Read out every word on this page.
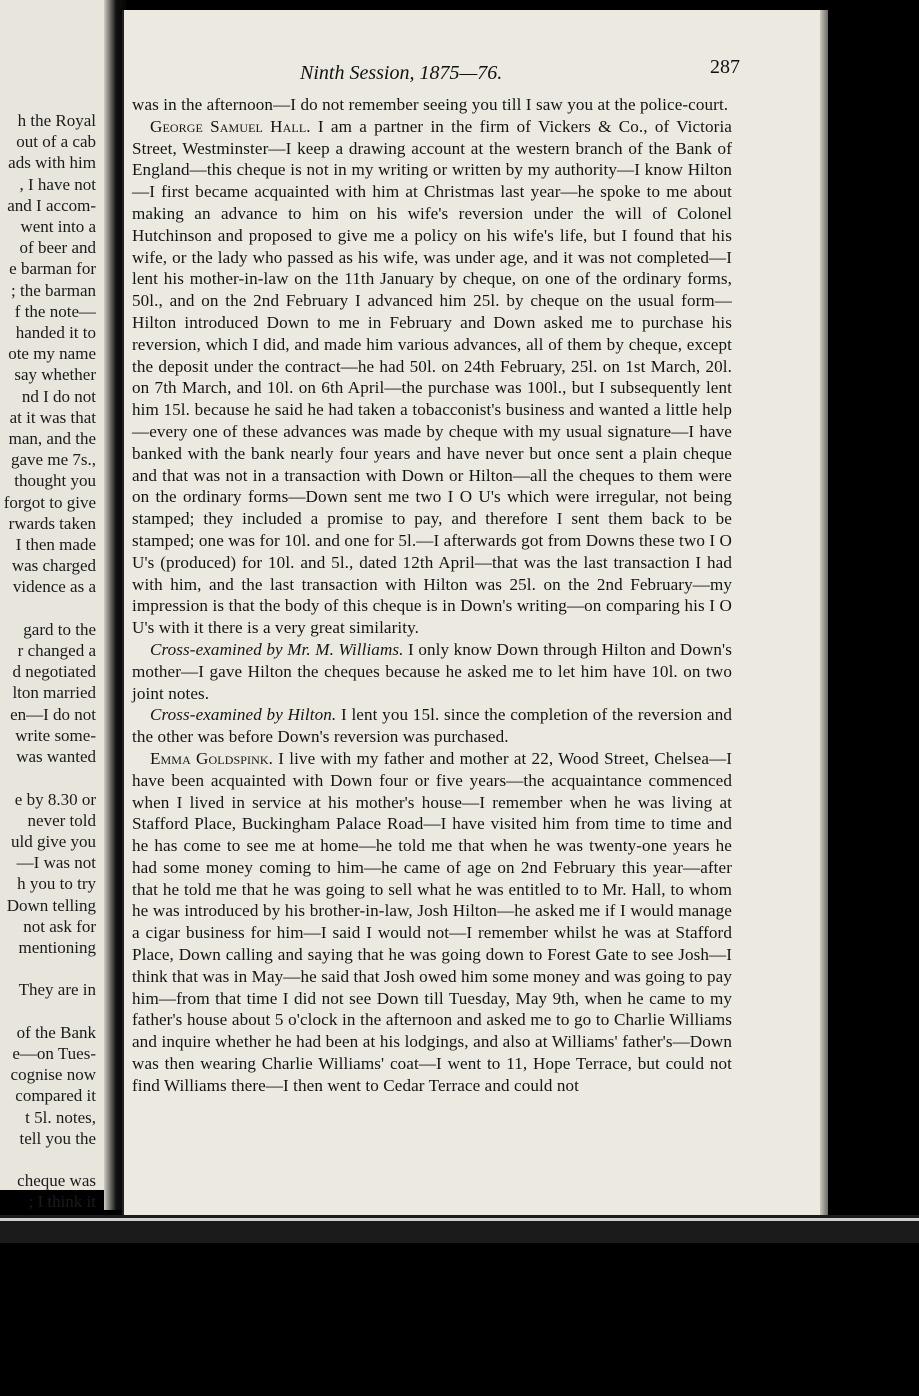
h the Royal
out of a cab
ads with him
, I have not
and I accom-
went into a
of beer and
e barman for
; the barman
f the note—
handed it to
ote my name
say whether
nd I do not
at it was that
man, and the
gave me 7s.,
thought you
forgot to give
rwards taken
I then made
was charged
vidence as a

gard to the
r changed a
d negotiated
lton married
en—I do not
write some-
was wanted

e by 8.30 or
never told
uld give you
—I was not
h you to try
Down telling
not ask for
mentioning

They are in

of the Bank
e—on Tues-
cognise now
compared it
t 5l. notes,
tell you the

cheque was
; I think it
Ninth Session, 1875—76.	287

was in the afternoon—I do not remember seeing you till I saw you at the police-court.

George Samuel Hall. I am a partner in the firm of Vickers & Co., of Victoria Street, Westminster—I keep a drawing account at the western branch of the Bank of England—this cheque is not in my writing or written by my authority—I know Hilton—I first became acquainted with him at Christmas last year—he spoke to me about making an advance to him on his wife's reversion under the will of Colonel Hutchinson and proposed to give me a policy on his wife's life, but I found that his wife, or the lady who passed as his wife, was under age, and it was not completed—I lent his mother-in-law on the 11th January by cheque, on one of the ordinary forms, 50l., and on the 2nd February I advanced him 25l. by cheque on the usual form—Hilton introduced Down to me in February and Down asked me to purchase his reversion, which I did, and made him various advances, all of them by cheque, except the deposit under the contract—he had 50l. on 24th February, 25l. on 1st March, 20l. on 7th March, and 10l. on 6th April—the purchase was 100l., but I subsequently lent him 15l. because he said he had taken a tobacconist's business and wanted a little help—every one of these advances was made by cheque with my usual signature—I have banked with the bank nearly four years and have never but once sent a plain cheque and that was not in a transaction with Down or Hilton—all the cheques to them were on the ordinary forms—Down sent me two I O U's which were irregular, not being stamped; they included a promise to pay, and therefore I sent them back to be stamped; one was for 10l. and one for 5l.—I afterwards got from Downs these two I O U's (produced) for 10l. and 5l., dated 12th April—that was the last transaction I had with him, and the last transaction with Hilton was 25l. on the 2nd February—my impression is that the body of this cheque is in Down's writing—on comparing his I O U's with it there is a very great similarity.

Cross-examined by Mr. M. Williams. I only know Down through Hilton and Down's mother—I gave Hilton the cheques because he asked me to let him have 10l. on two joint notes.

Cross-examined by Hilton. I lent you 15l. since the completion of the reversion and the other was before Down's reversion was purchased.

Emma Goldspink. I live with my father and mother at 22, Wood Street, Chelsea—I have been acquainted with Down four or five years—the acquaintance commenced when I lived in service at his mother's house—I remember when he was living at Stafford Place, Buckingham Palace Road—I have visited him from time to time and he has come to see me at home—he told me that when he was twenty-one years he had some money coming to him—he came of age on 2nd February this year—after that he told me that he was going to sell what he was entitled to to Mr. Hall, to whom he was introduced by his brother-in-law, Josh Hilton—he asked me if I would manage a cigar business for him—I said I would not—I remember whilst he was at Stafford Place, Down calling and saying that he was going down to Forest Gate to see Josh—I think that was in May—he said that Josh owed him some money and was going to pay him—from that time I did not see Down till Tuesday, May 9th, when he came to my father's house about 5 o'clock in the afternoon and asked me to go to Charlie Williams and inquire whether he had been at his lodgings, and also at Williams' father's—Down was then wearing Charlie Williams' coat—I went to 11, Hope Terrace, but could not find Williams there—I then went to Cedar Terrace and could not
